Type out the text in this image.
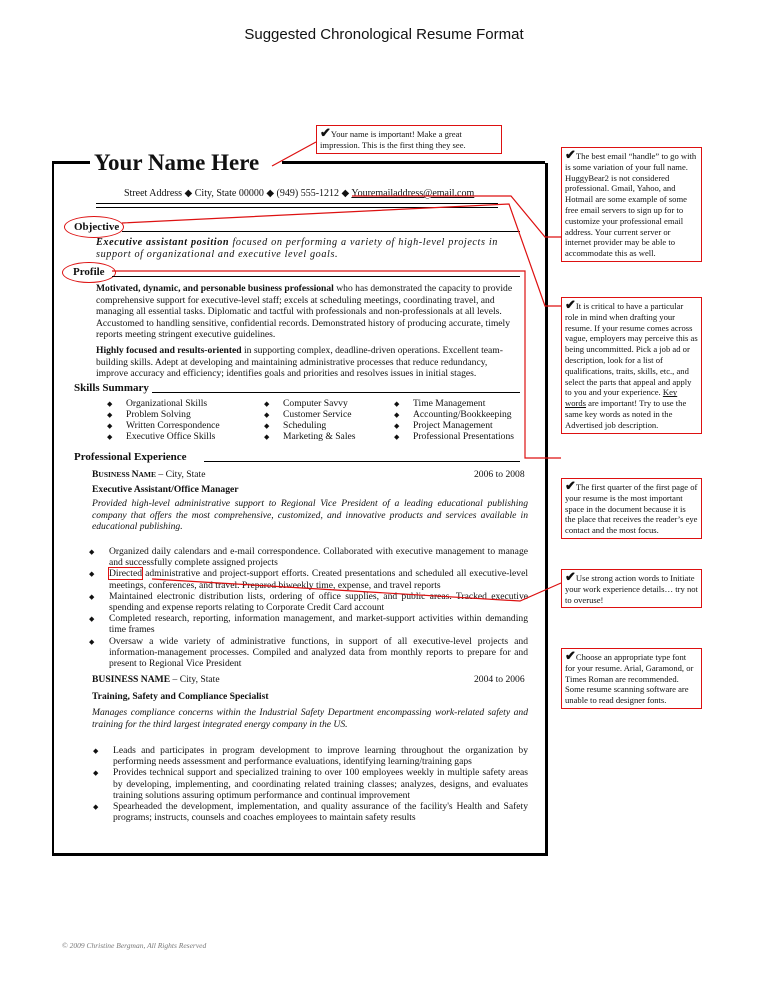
Suggested Chronological Resume Format
Your Name Here
Street Address ◆ City, State 00000 ◆ (949) 555-1212 ◆ Youremailaddress@email.com
Objective
Executive assistant position focused on performing a variety of high-level projects in support of organizational and executive level goals.
Profile
Motivated, dynamic, and personable business professional who has demonstrated the capacity to provide comprehensive support for executive-level staff; excels at scheduling meetings, coordinating travel, and managing all essential tasks. Diplomatic and tactful with professionals and non-professionals at all levels. Accustomed to handling sensitive, confidential records. Demonstrated history of producing accurate, timely reports meeting stringent executive guidelines.
Highly focused and results-oriented in supporting complex, deadline-driven operations. Excellent team-building skills. Adept at developing and maintaining administrative processes that reduce redundancy, improve accuracy and efficiency; identifies goals and priorities and resolves issues in initial stages.
Skills Summary
◆ Organizational Skills
◆ Problem Solving
◆ Written Correspondence
◆ Executive Office Skills
◆ Computer Savvy
◆ Customer Service
◆ Scheduling
◆ Marketing & Sales
◆ Time Management
◆ Accounting/Bookkeeping
◆ Project Management
◆ Professional Presentations
Professional Experience
BUSINESS NAME – City, State	2006 to 2008
Executive Assistant/Office Manager
Provided high-level administrative support to Regional Vice President of a leading educational publishing company that offers the most comprehensive, customized, and innovative products and services available in educational publishing.
◆ Organized daily calendars and e-mail correspondence. Collaborated with executive management to manage and successfully complete assigned projects
◆ Directed administrative and project-support efforts. Created presentations and scheduled all executive-level meetings, conferences, and travel. Prepared biweekly time, expense, and travel reports
◆ Maintained electronic distribution lists, ordering of office supplies, and public areas. Tracked executive spending and expense reports relating to Corporate Credit Card account
◆ Completed research, reporting, information management, and market-support activities within demanding time frames
◆ Oversaw a wide variety of administrative functions, in support of all executive-level projects and information-management processes. Compiled and analyzed data from monthly reports to prepare for and present to Regional Vice President
BUSINESS NAME – City, State	2004 to 2006
Training, Safety and Compliance Specialist
Manages compliance concerns within the Industrial Safety Department encompassing work-related safety and training for the third largest integrated energy company in the US.
◆ Leads and participates in program development to improve learning throughout the organization by performing needs assessment and performance evaluations, identifying learning/training gaps
◆ Provides technical support and specialized training to over 100 employees weekly in multiple safety areas by developing, implementing, and coordinating related training classes; analyzes, designs, and evaluates training solutions assuring optimum performance and continual improvement
◆ Spearheaded the development, implementation, and quality assurance of the facility's Health and Safety programs; instructs, counsels and coaches employees to maintain safety results
✔Your name is important! Make a great impression. This is the first thing they see.
✔The best email “handle” to go with is some variation of your full name. HuggyBear2 is not considered professional. Gmail, Yahoo, and Hotmail are some example of some free email servers to sign up for to customize your professional email address. Your current server or internet provider may be able to accommodate this as well.
✔It is critical to have a particular role in mind when drafting your resume. If your resume comes across vague, employers may perceive this as being uncommitted. Pick a job ad or description, look for a list of qualifications, traits, skills, etc., and select the parts that appeal and apply to you and your experience. Key words are important! Try to use the same key words as noted in the Advertised job description.
✔The first quarter of the first page of your resume is the most important space in the document because it is the place that receives the reader’s eye contact and the most focus.
✔Use strong action words to Initiate your work experience details… try not to overuse!
✔Choose an appropriate type font for your resume. Arial, Garamond, or Times Roman are recommended. Some resume scanning software are unable to read designer fonts.
© 2009 Christine Bergman, All Rights Reserved
